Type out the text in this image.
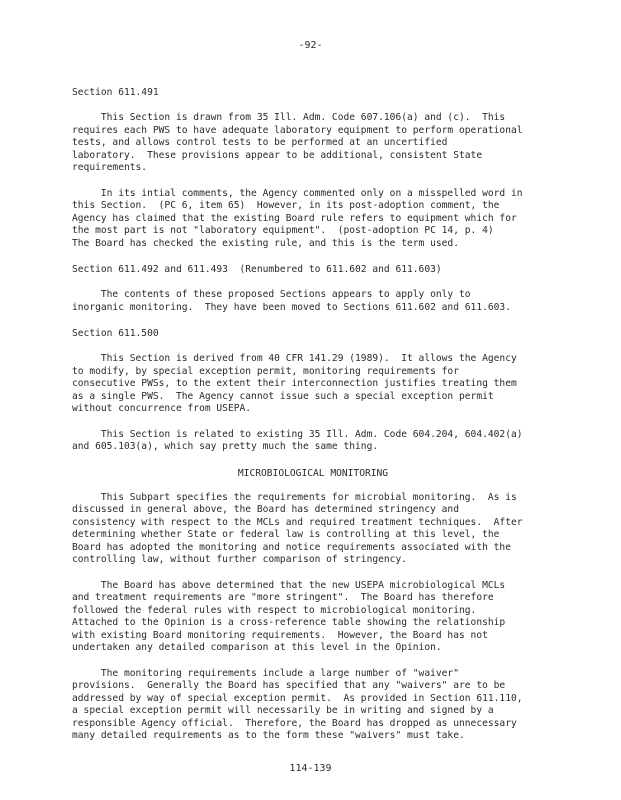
-92-
Section 611.491
This Section is drawn from 35 Ill. Adm. Code 607.106(a) and (c).  This
requires each PWS to have adequate laboratory equipment to perform operational
tests, and allows control tests to be performed at an uncertified
laboratory.  These provisions appear to be additional, consistent State
requirements.
In its intial comments, the Agency commented only on a misspelled word in
this Section.  (PC 6, item 65)  However, in its post-adoption comment, the
Agency has claimed that the existing Board rule refers to equipment which for
the most part is not "laboratory equipment".  (post-adoption PC 14, p. 4)
The Board has checked the existing rule, and this is the term used.
Section 611.492 and 611.493  (Renumbered to 611.602 and 611.603)
The contents of these proposed Sections appears to apply only to
inorganic monitoring.  They have been moved to Sections 611.602 and 611.603.
Section 611.500
This Section is derived from 40 CFR 141.29 (1989).  It allows the Agency
to modify, by special exception permit, monitoring requirements for
consecutive PWSs, to the extent their interconnection justifies treating them
as a single PWS.  The Agency cannot issue such a special exception permit
without concurrence from USEPA.
This Section is related to existing 35 Ill. Adm. Code 604.204, 604.402(a)
and 605.103(a), which say pretty much the same thing.
MICROBIOLOGICAL MONITORING
This Subpart specifies the requirements for microbial monitoring.  As is
discussed in general above, the Board has determined stringency and
consistency with respect to the MCLs and required treatment techniques.  After
determining whether State or federal law is controlling at this level, the
Board has adopted the monitoring and notice requirements associated with the
controlling law, without further comparison of stringency.
The Board has above determined that the new USEPA microbiological MCLs
and treatment requirements are "more stringent".  The Board has therefore
followed the federal rules with respect to microbiological monitoring.
Attached to the Opinion is a cross-reference table showing the relationship
with existing Board monitoring requirements.  However, the Board has not
undertaken any detailed comparison at this level in the Opinion.
The monitoring requirements include a large number of "waiver"
provisions.  Generally the Board has specified that any "waivers" are to be
addressed by way of special exception permit.  As provided in Section 611.110,
a special exception permit will necessarily be in writing and signed by a
responsible Agency official.  Therefore, the Board has dropped as unnecessary
many detailed requirements as to the form these "waivers" must take.
114-139
